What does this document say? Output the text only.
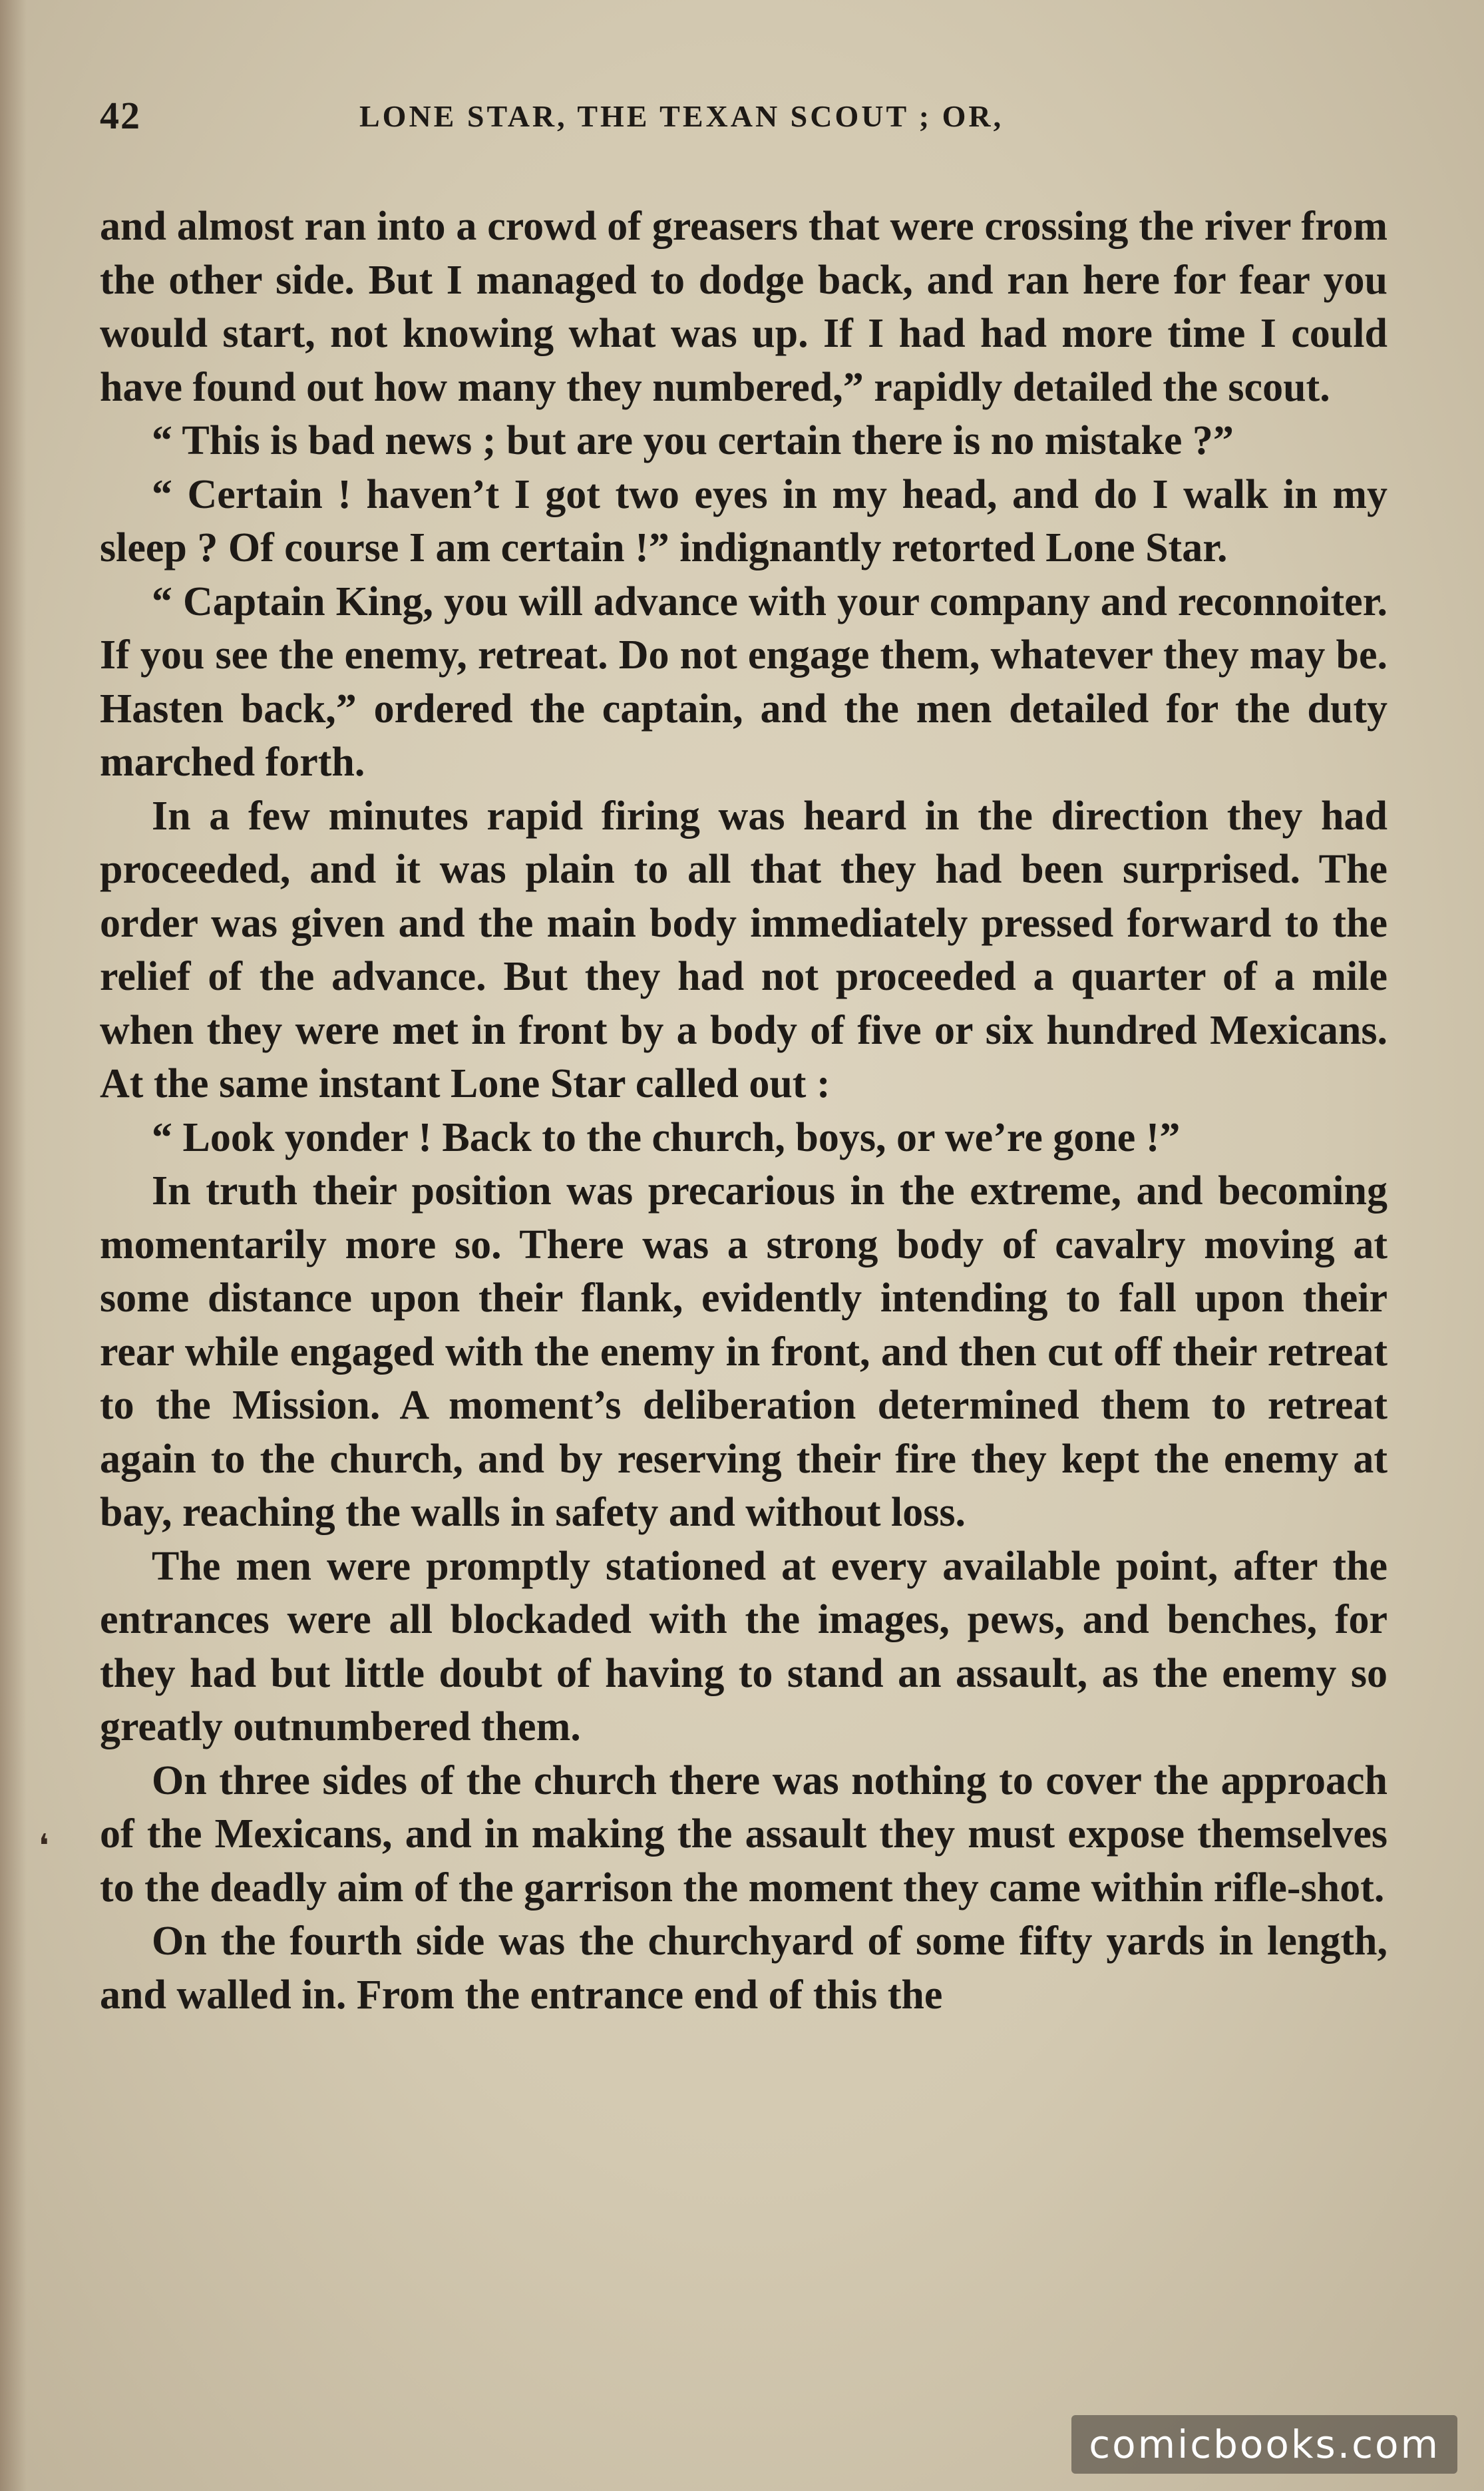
42	LONE STAR, THE TEXAN SCOUT ; OR,

and almost ran into a crowd of greasers that were crossing the river from the other side. But I managed to dodge back, and ran here for fear you would start, not knowing what was up. If I had had more time I could have found out how many they numbered,” rapidly detailed the scout.

“ This is bad news ; but are you certain there is no mistake ?”

“ Certain ! haven’t I got two eyes in my head, and do I walk in my sleep ? Of course I am certain !” indignantly retorted Lone Star.

“ Captain King, you will advance with your company and reconnoiter. If you see the enemy, retreat. Do not engage them, whatever they may be. Hasten back,” ordered the captain, and the men detailed for the duty marched forth.

In a few minutes rapid firing was heard in the direction they had proceeded, and it was plain to all that they had been surprised. The order was given and the main body immediately pressed forward to the relief of the advance. But they had not proceeded a quarter of a mile when they were met in front by a body of five or six hundred Mexicans. At the same instant Lone Star called out :

“ Look yonder ! Back to the church, boys, or we’re gone !”

In truth their position was precarious in the extreme, and becoming momentarily more so. There was a strong body of cavalry moving at some distance upon their flank, evidently intending to fall upon their rear while engaged with the enemy in front, and then cut off their retreat to the Mission. A moment’s deliberation determined them to retreat again to the church, and by reserving their fire they kept the enemy at bay, reaching the walls in safety and without loss.

The men were promptly stationed at every available point, after the entrances were all blockaded with the images, pews, and benches, for they had but little doubt of having to stand an assault, as the enemy so greatly outnumbered them.

On three sides of the church there was nothing to cover the approach of the Mexicans, and in making the assault they must expose themselves to the deadly aim of the garrison the moment they came within rifle-shot.

On the fourth side was the churchyard of some fifty yards in length, and walled in. From the entrance end of this the

❛
comicbooks.com
